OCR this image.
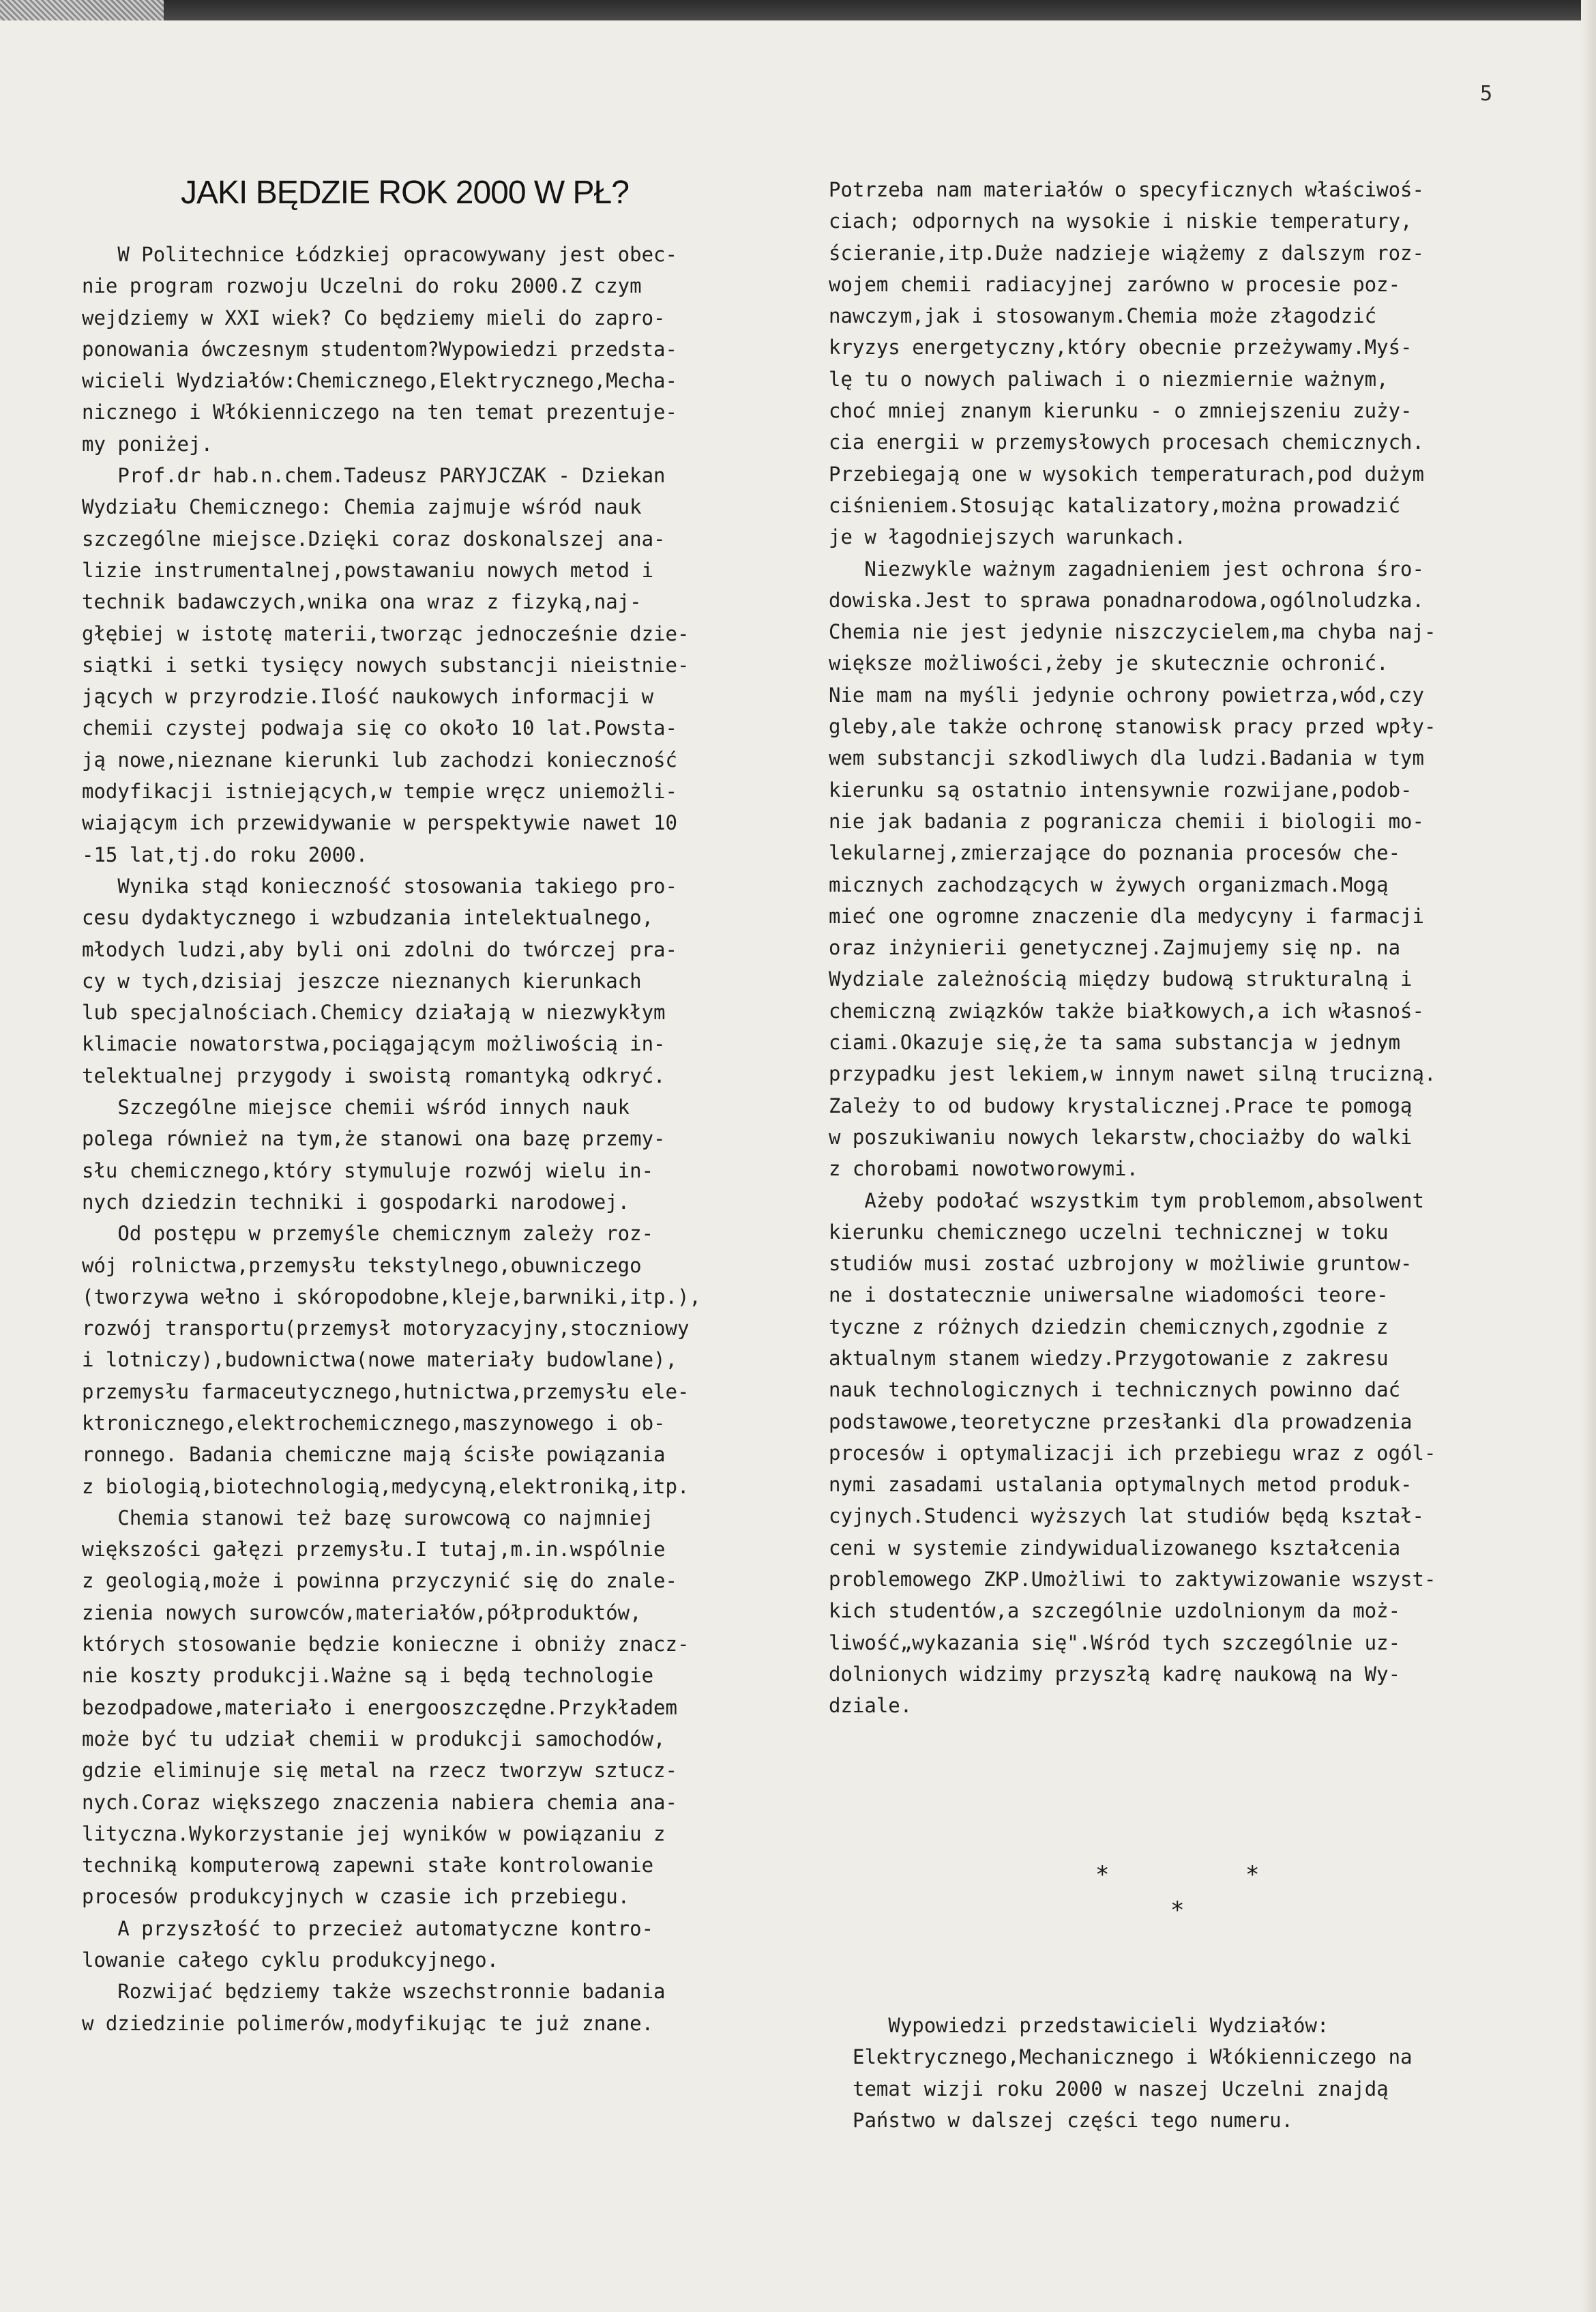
5
JAKI BĘDZIE ROK 2000 W PŁ?
W Politechnice Łódzkiej opracowywany jest obec-
nie program rozwoju Uczelni do roku 2000.Z czym
wejdziemy w XXI wiek? Co będziemy mieli do zapro-
ponowania ówczesnym studentom?Wypowiedzi przedsta-
wicieli Wydziałów:Chemicznego,Elektrycznego,Mecha-
nicznego i Włókienniczego na ten temat prezentuje-
my poniżej.
Prof.dr hab.n.chem.Tadeusz PARYJCZAK - Dziekan
Wydziału Chemicznego: Chemia zajmuje wśród nauk
szczególne miejsce.Dzięki coraz doskonalszej ana-
lizie instrumentalnej,powstawaniu nowych metod i
technik badawczych,wnika ona wraz z fizyką,naj-
głębiej w istotę materii,tworząc jednocześnie dzie-
siątki i setki tysięcy nowych substancji nieistnie-
jących w przyrodzie.Ilość naukowych informacji w
chemii czystej podwaja się co około 10 lat.Powsta-
ją nowe,nieznane kierunki lub zachodzi konieczność
modyfikacji istniejących,w tempie wręcz uniemożli-
wiającym ich przewidywanie w perspektywie nawet 10
-15 lat,tj.do roku 2000.
Wynika stąd konieczność stosowania takiego pro-
cesu dydaktycznego i wzbudzania intelektualnego,
młodych ludzi,aby byli oni zdolni do twórczej pra-
cy w tych,dzisiaj jeszcze nieznanych kierunkach
lub specjalnościach.Chemicy działają w niezwykłym
klimacie nowatorstwa,pociągającym możliwością in-
telektualnej przygody i swoistą romantyką odkryć.
Szczególne miejsce chemii wśród innych nauk
polega również na tym,że stanowi ona bazę przemy-
słu chemicznego,który stymuluje rozwój wielu in-
nych dziedzin techniki i gospodarki narodowej.
Od postępu w przemyśle chemicznym zależy roz-
wój rolnictwa,przemysłu tekstylnego,obuwniczego
(tworzywa wełno i skóropodobne,kleje,barwniki,itp.),
rozwój transportu(przemysł motoryzacyjny,stoczniowy
i lotniczy),budownictwa(nowe materiały budowlane),
przemysłu farmaceutycznego,hutnictwa,przemysłu ele-
ktronicznego,elektrochemicznego,maszynowego i ob-
ronnego. Badania chemiczne mają ścisłe powiązania
z biologią,biotechnologią,medycyną,elektroniką,itp.
Chemia stanowi też bazę surowcową co najmniej
większości gałęzi przemysłu.I tutaj,m.in.wspólnie
z geologią,może i powinna przyczynić się do znale-
zienia nowych surowców,materiałów,półproduktów,
których stosowanie będzie konieczne i obniży znacz-
nie koszty produkcji.Ważne są i będą technologie
bezodpadowe,materiało i energooszczędne.Przykładem
może być tu udział chemii w produkcji samochodów,
gdzie eliminuje się metal na rzecz tworzyw sztucz-
nych.Coraz większego znaczenia nabiera chemia ana-
lityczna.Wykorzystanie jej wyników w powiązaniu z
techniką komputerową zapewni stałe kontrolowanie
procesów produkcyjnych w czasie ich przebiegu.
A przyszłość to przecież automatyczne kontro-
lowanie całego cyklu produkcyjnego.
Rozwijać będziemy także wszechstronnie badania
w dziedzinie polimerów,modyfikując te już znane.
Potrzeba nam materiałów o specyficznych właściwoś-
ciach; odpornych na wysokie i niskie temperatury,
ścieranie,itp.Duże nadzieje wiążemy z dalszym roz-
wojem chemii radiacyjnej zarówno w procesie poz-
nawczym,jak i stosowanym.Chemia może złagodzić
kryzys energetyczny,który obecnie przeżywamy.Myś-
lę tu o nowych paliwach i o niezmiernie ważnym,
choć mniej znanym kierunku - o zmniejszeniu zuży-
cia energii w przemysłowych procesach chemicznych.
Przebiegają one w wysokich temperaturach,pod dużym
ciśnieniem.Stosując katalizatory,można prowadzić
je w łagodniejszych warunkach.
Niezwykle ważnym zagadnieniem jest ochrona śro-
dowiska.Jest to sprawa ponadnarodowa,ogólnoludzka.
Chemia nie jest jedynie niszczycielem,ma chyba naj-
większe możliwości,żeby je skutecznie ochronić.
Nie mam na myśli jedynie ochrony powietrza,wód,czy
gleby,ale także ochronę stanowisk pracy przed wpły-
wem substancji szkodliwych dla ludzi.Badania w tym
kierunku są ostatnio intensywnie rozwijane,podob-
nie jak badania z pogranicza chemii i biologii mo-
lekularnej,zmierzające do poznania procesów che-
micznych zachodzących w żywych organizmach.Mogą
mieć one ogromne znaczenie dla medycyny i farmacji
oraz inżynierii genetycznej.Zajmujemy się np. na
Wydziale zależnością między budową strukturalną i
chemiczną związków także białkowych,a ich własnoś-
ciami.Okazuje się,że ta sama substancja w jednym
przypadku jest lekiem,w innym nawet silną trucizną.
Zależy to od budowy krystalicznej.Prace te pomogą
w poszukiwaniu nowych lekarstw,chociażby do walki
z chorobami nowotworowymi.
Ażeby podołać wszystkim tym problemom,absolwent
kierunku chemicznego uczelni technicznej w toku
studiów musi zostać uzbrojony w możliwie gruntow-
ne i dostatecznie uniwersalne wiadomości teore-
tyczne z różnych dziedzin chemicznych,zgodnie z
aktualnym stanem wiedzy.Przygotowanie z zakresu
nauk technologicznych i technicznych powinno dać
podstawowe,teoretyczne przesłanki dla prowadzenia
procesów i optymalizacji ich przebiegu wraz z ogól-
nymi zasadami ustalania optymalnych metod produk-
cyjnych.Studenci wyższych lat studiów będą kształ-
ceni w systemie zindywidualizowanego kształcenia
problemowego ZKP.Umożliwi to zaktywizowanie wszyst-
kich studentów,a szczególnie uzdolnionym da moż-
liwość„wykazania się".Wśród tych szczególnie uz-
dolnionych widzimy przyszłą kadrę naukową na Wy-
dziale.
*	*
*
Wypowiedzi przedstawicieli Wydziałów:
Elektrycznego,Mechanicznego i Włókienniczego na
temat wizji roku 2000 w naszej Uczelni znajdą
Państwo w dalszej części tego numeru.
